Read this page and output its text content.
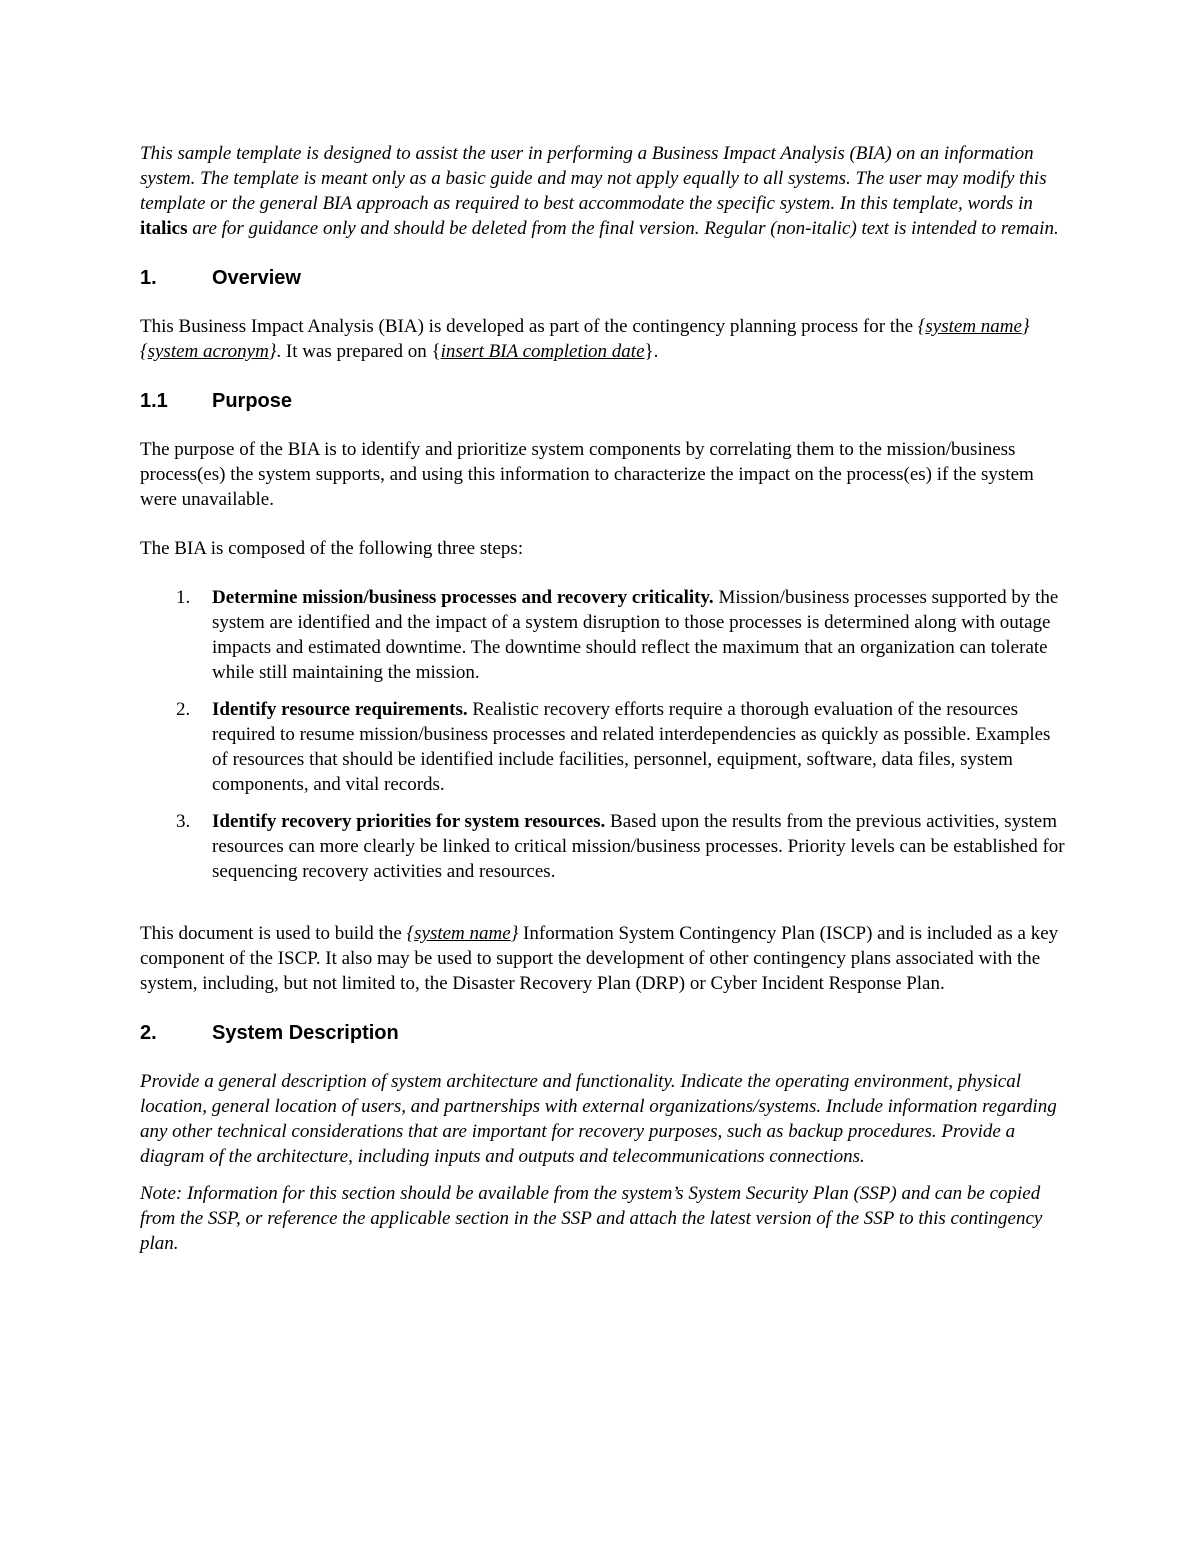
This sample template is designed to assist the user in performing a Business Impact Analysis (BIA) on an information system. The template is meant only as a basic guide and may not apply equally to all systems. The user may modify this template or the general BIA approach as required to best accommodate the specific system. In this template, words in italics are for guidance only and should be deleted from the final version. Regular (non-italic) text is intended to remain.

1.	Overview

This Business Impact Analysis (BIA) is developed as part of the contingency planning process for the {system name}{system acronym}. It was prepared on {insert BIA completion date}.

1.1 Purpose

The purpose of the BIA is to identify and prioritize system components by correlating them to the mission/business process(es) the system supports, and using this information to characterize the impact on the process(es) if the system were unavailable.

The BIA is composed of the following three steps:

1. Determine mission/business processes and recovery criticality. Mission/business processes supported by the system are identified and the impact of a system disruption to those processes is determined along with outage impacts and estimated downtime. The downtime should reflect the maximum that an organization can tolerate while still maintaining the mission.
2. Identify resource requirements. Realistic recovery efforts require a thorough evaluation of the resources required to resume mission/business processes and related interdependencies as quickly as possible. Examples of resources that should be identified include facilities, personnel, equipment, software, data files, system components, and vital records.
3. Identify recovery priorities for system resources. Based upon the results from the previous activities, system resources can more clearly be linked to critical mission/business processes. Priority levels can be established for sequencing recovery activities and resources.

This document is used to build the {system name} Information System Contingency Plan (ISCP) and is included as a key component of the ISCP. It also may be used to support the development of other contingency plans associated with the system, including, but not limited to, the Disaster Recovery Plan (DRP) or Cyber Incident Response Plan.

2.	System Description

Provide a general description of system architecture and functionality. Indicate the operating environment, physical location, general location of users, and partnerships with external organizations/systems. Include information regarding any other technical considerations that are important for recovery purposes, such as backup procedures. Provide a diagram of the architecture, including inputs and outputs and telecommunications connections.

Note: Information for this section should be available from the system’s System Security Plan (SSP) and can be copied from the SSP, or reference the applicable section in the SSP and attach the latest version of the SSP to this contingency plan.
